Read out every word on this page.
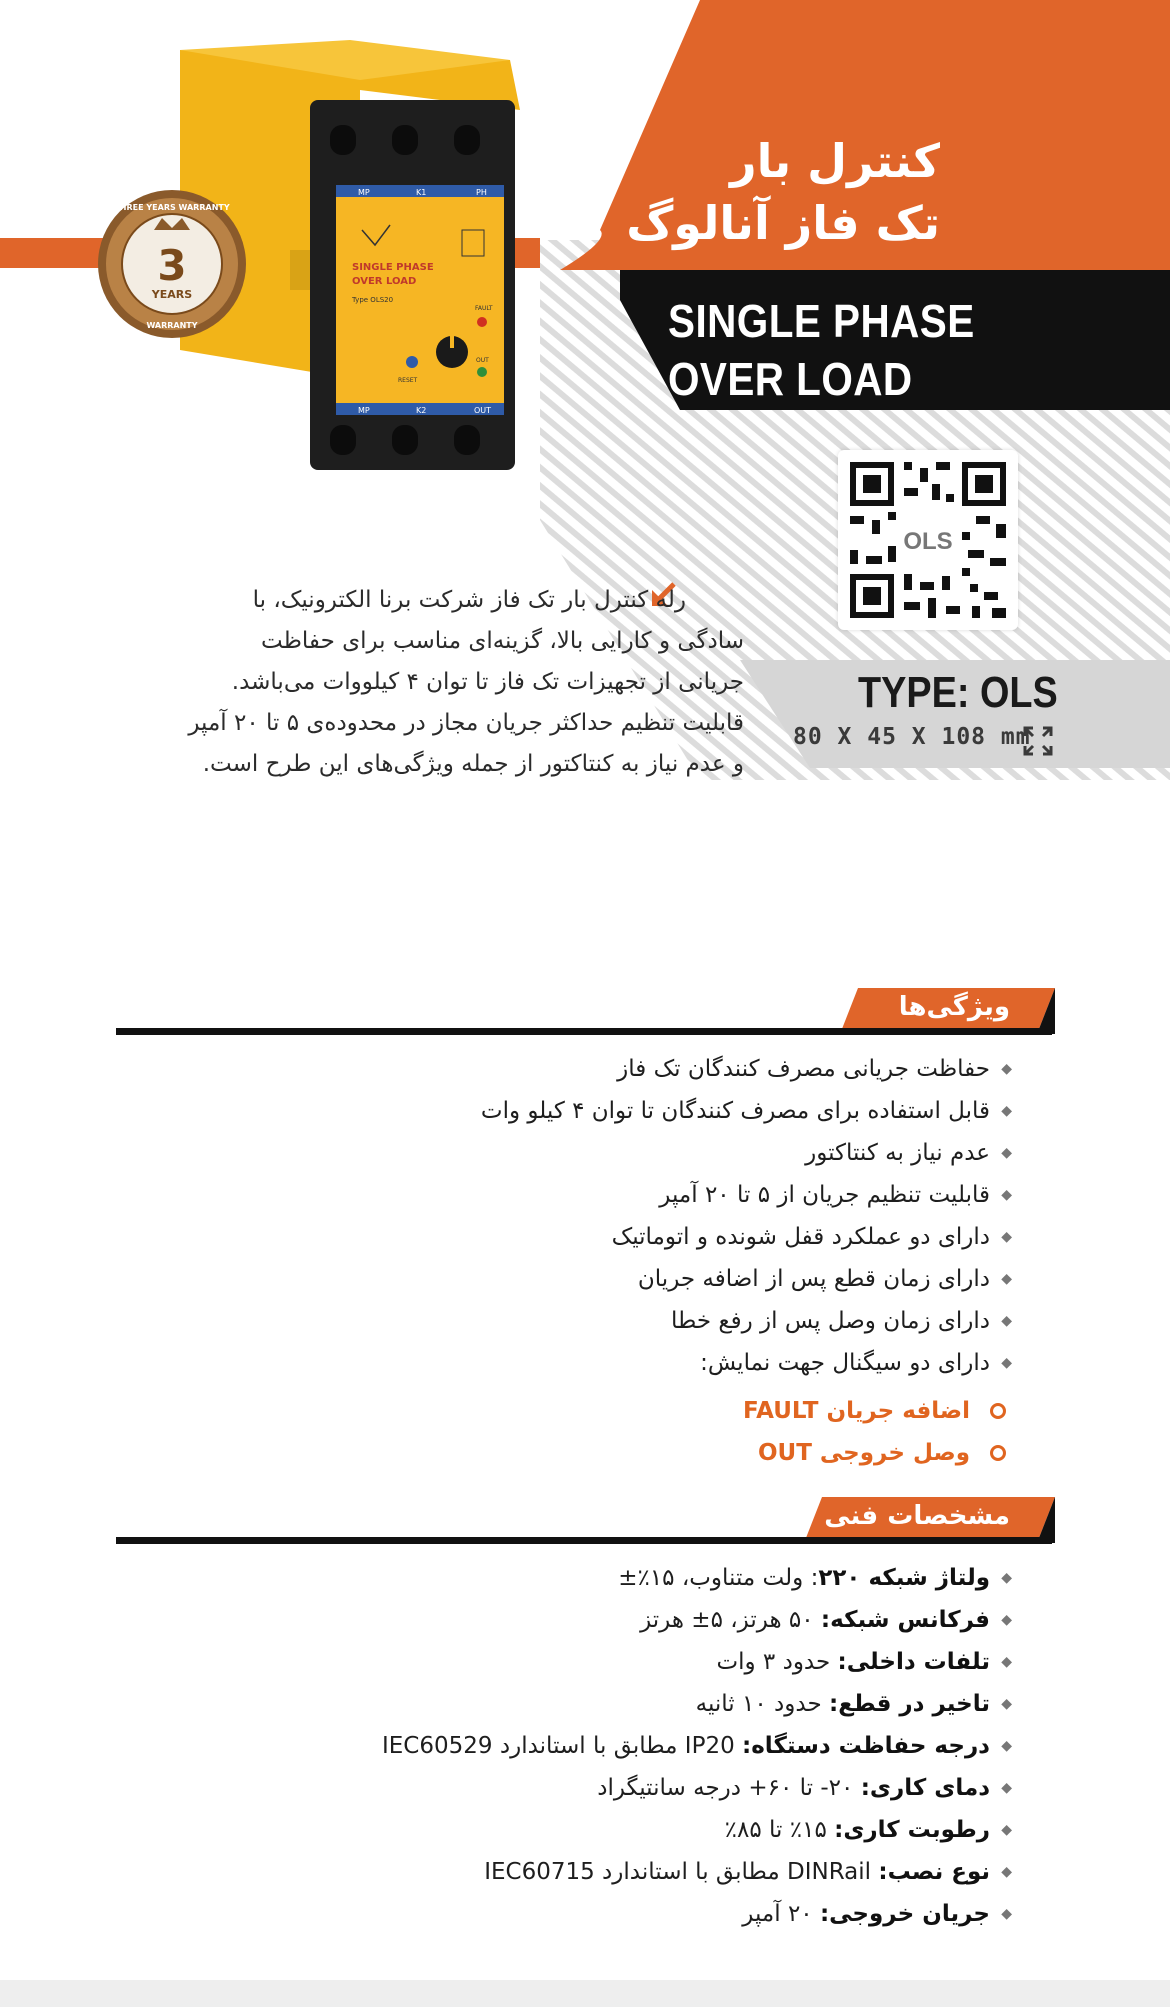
کنترل بار
تک فاز آنالوگ
SINGLE PHASE
OVER LOAD
MP	K1	PH
MP	K2	OUT
SINGLE PHASE
OVER LOAD
Type OLS20
FAULT
OUT
RESET
THREE YEARS WARRANTY
3
YEARS
WARRANTY
OLS
TYPE: OLS
80 X 45 X 108 mm
رله کنترل بار تک فاز شرکت برنا الکترونیک، با
سادگی و کارایی بالا، گزینه‌ای مناسب برای حفاظت
جریانی از تجهیزات تک فاز تا توان ۴ کیلووات می‌باشد.
قابلیت تنظیم حداکثر جریان مجاز در محدوده‌ی ۵ تا ۲۰ آمپر
و عدم نیاز به کنتاکتور از جمله ویژگی‌های این طرح است.
ویژگی‌ها
◆
حفاظت جریانی مصرف کنندگان تک فاز
◆
قابل استفاده برای مصرف کنندگان تا توان ۴ کیلو وات
◆
عدم نیاز به کنتاکتور
◆
قابلیت تنظیم جریان از ۵ تا ۲۰ آمپر
◆
دارای دو عملکرد قفل شونده و اتوماتیک
◆
دارای زمان قطع پس از اضافه جریان
◆
دارای زمان وصل پس از رفع خطا
◆
دارای دو سیگنال جهت نمایش:
اضافه جریان FAULT
وصل خروجی OUT
مشخصات فنی
◆
ولتاژ شبکه ۲۲۰: ولت متناوب، ۱۵٪±
◆
فرکانس شبکه: ۵۰ هرتز، ۵± هرتز
◆
تلفات داخلی: حدود ۳ وات
◆
تاخیر در قطع: حدود ۱۰ ثانیه
◆
درجه حفاظت دستگاه: IP20 مطابق با استاندارد IEC60529
◆
دمای کاری: ۲۰- تا ۶۰+ درجه سانتیگراد
◆
رطوبت کاری: ۱۵٪ تا ۸۵٪
◆
نوع نصب: DINRail مطابق با استاندارد IEC60715
◆
جریان خروجی: ۲۰ آمپر
